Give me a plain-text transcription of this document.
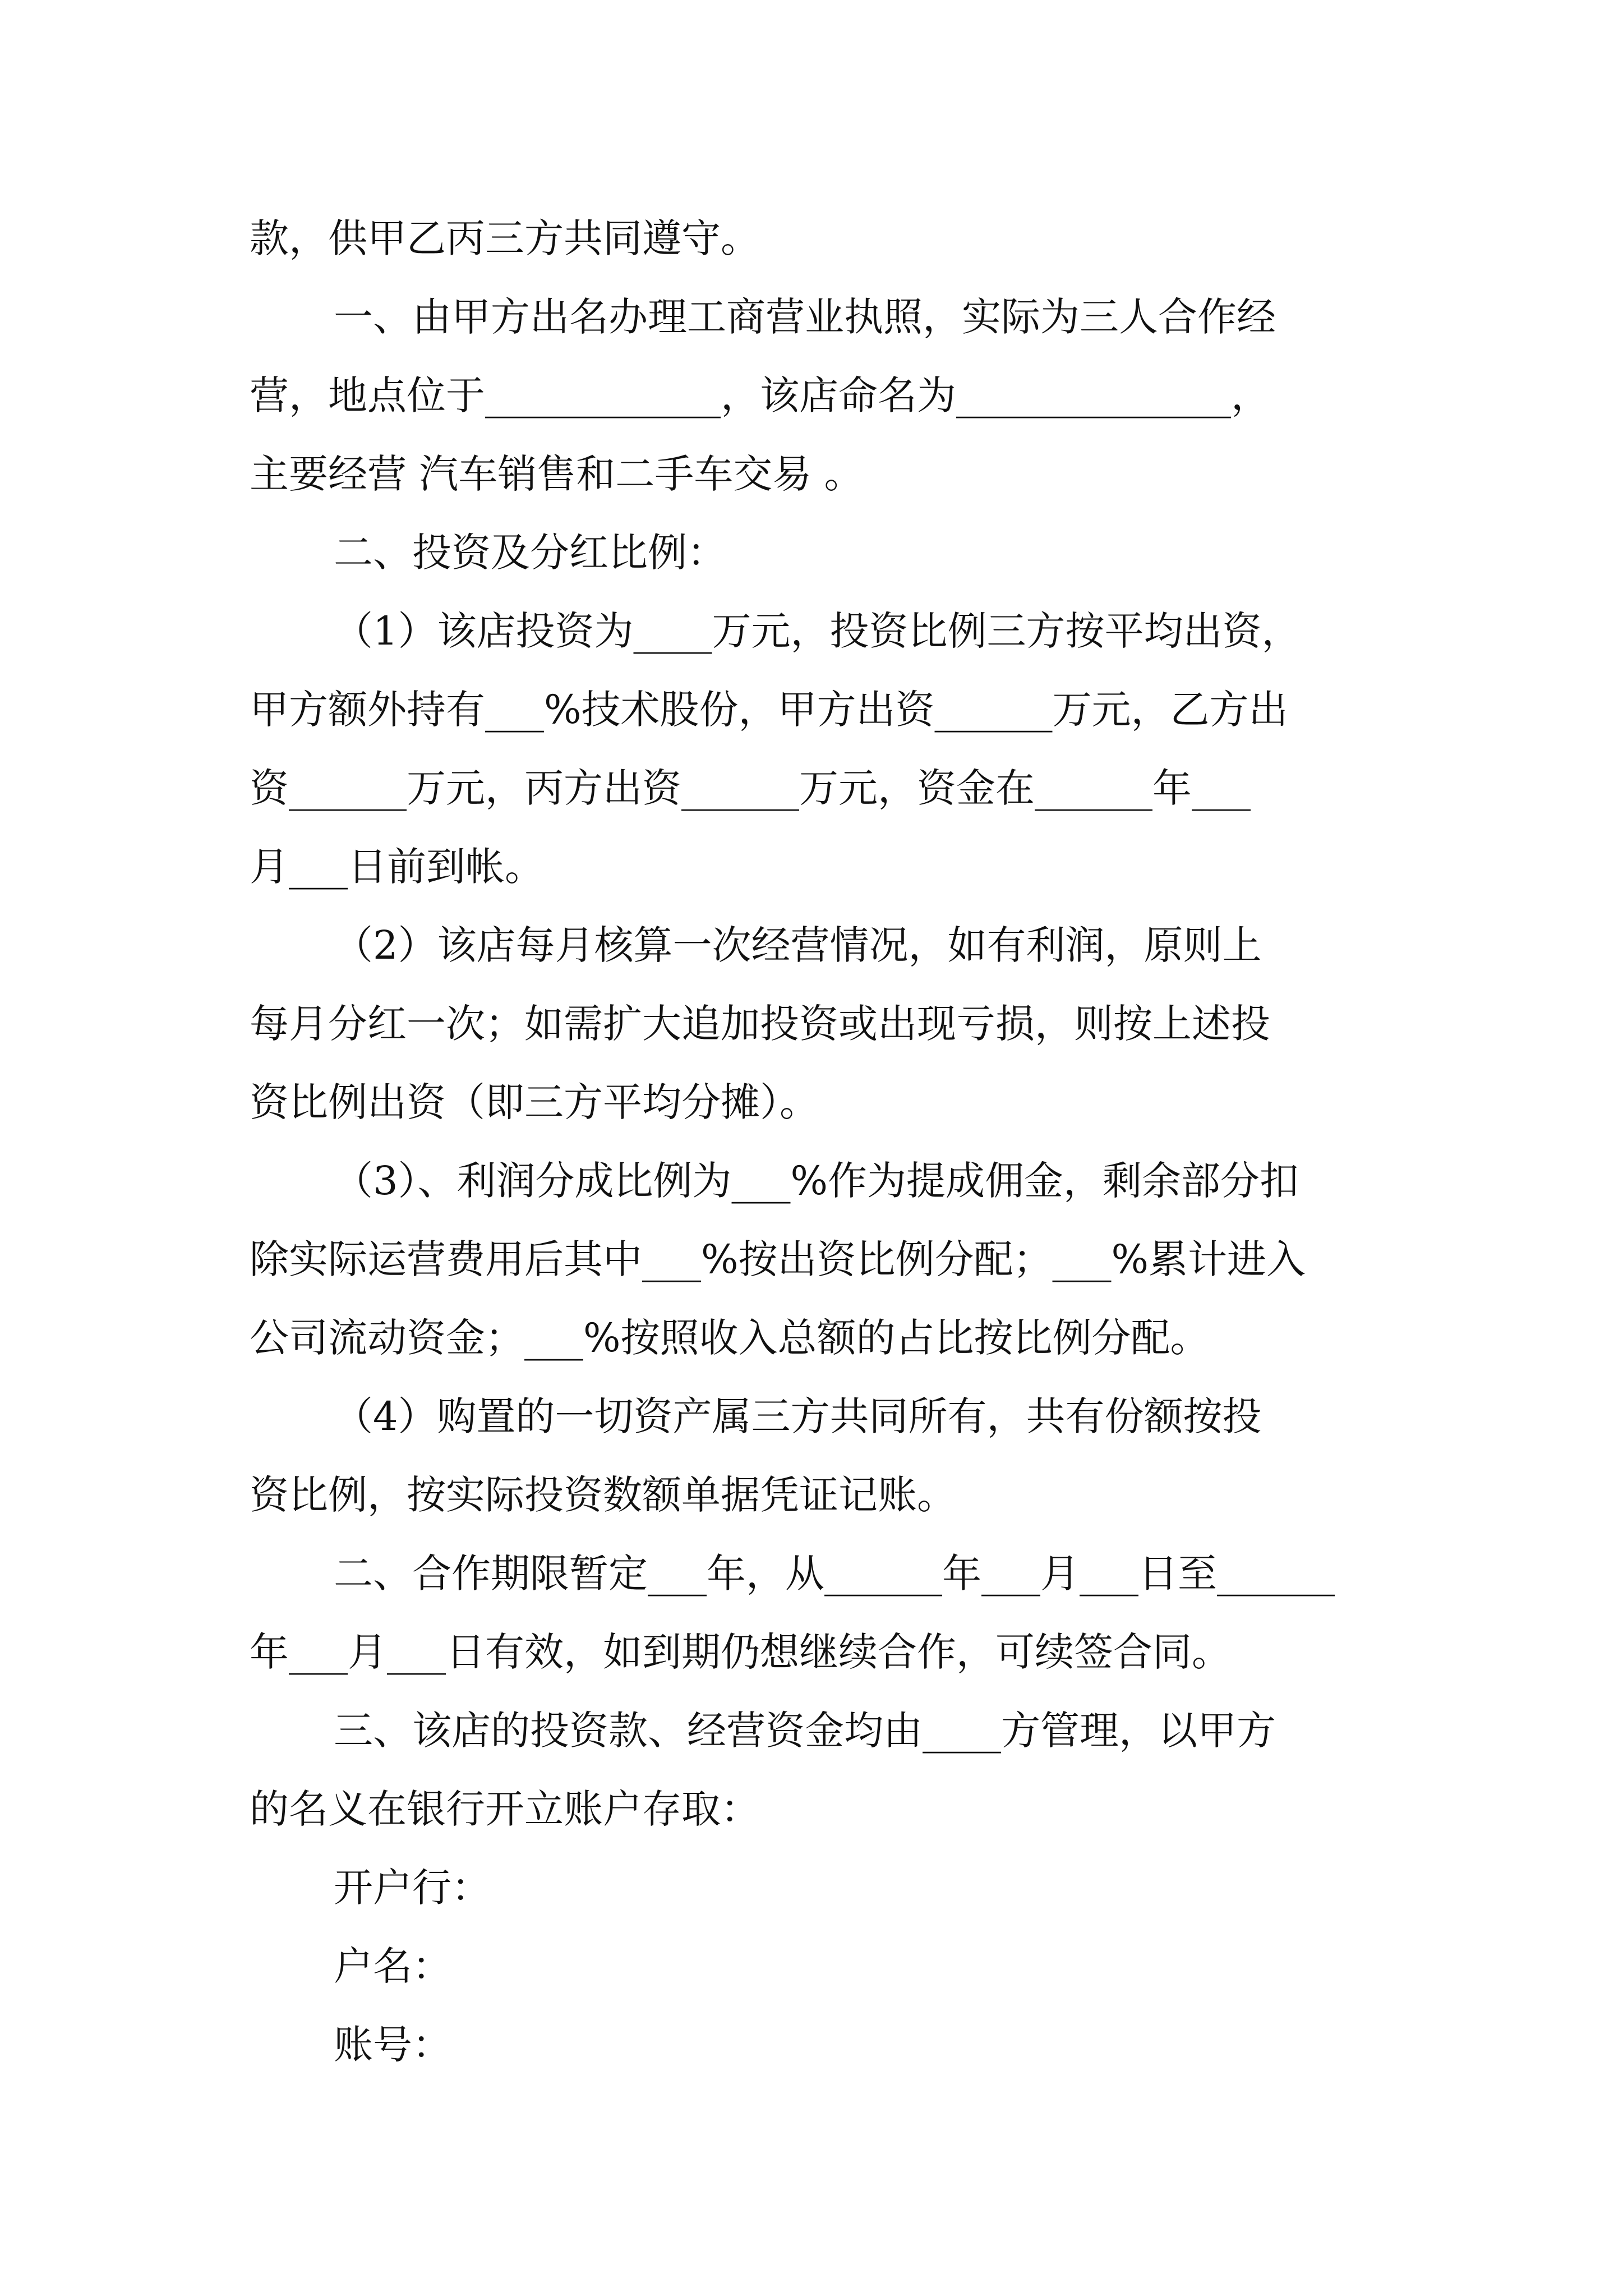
款，供甲乙丙三方共同遵守。

一、由甲方出名办理工商营业执照，实际为三人合作经

营，地点位于____________，该店命名为______________，

主要经营 汽车销售和二手车交易 。

二、投资及分红比例：

（1）该店投资为____万元，投资比例三方按平均出资，

甲方额外持有___%技术股份，甲方出资______万元，乙方出

资______万元，丙方出资______万元，资金在______年___

月___日前到帐。

（2）该店每月核算一次经营情况，如有利润，原则上

每月分红一次；如需扩大追加投资或出现亏损，则按上述投

资比例出资（即三方平均分摊）。

（3）、利润分成比例为___%作为提成佣金，剩余部分扣

除实际运营费用后其中___%按出资比例分配；___%累计进入

公司流动资金；___%按照收入总额的占比按比例分配。

（4）购置的一切资产属三方共同所有，共有份额按投

资比例，按实际投资数额单据凭证记账。

二、合作期限暂定___年，从______年___月___日至______

年___月___日有效，如到期仍想继续合作，可续签合同。

三、该店的投资款、经营资金均由____方管理，以甲方

的名义在银行开立账户存取：

开户行：

户名：

账号：
